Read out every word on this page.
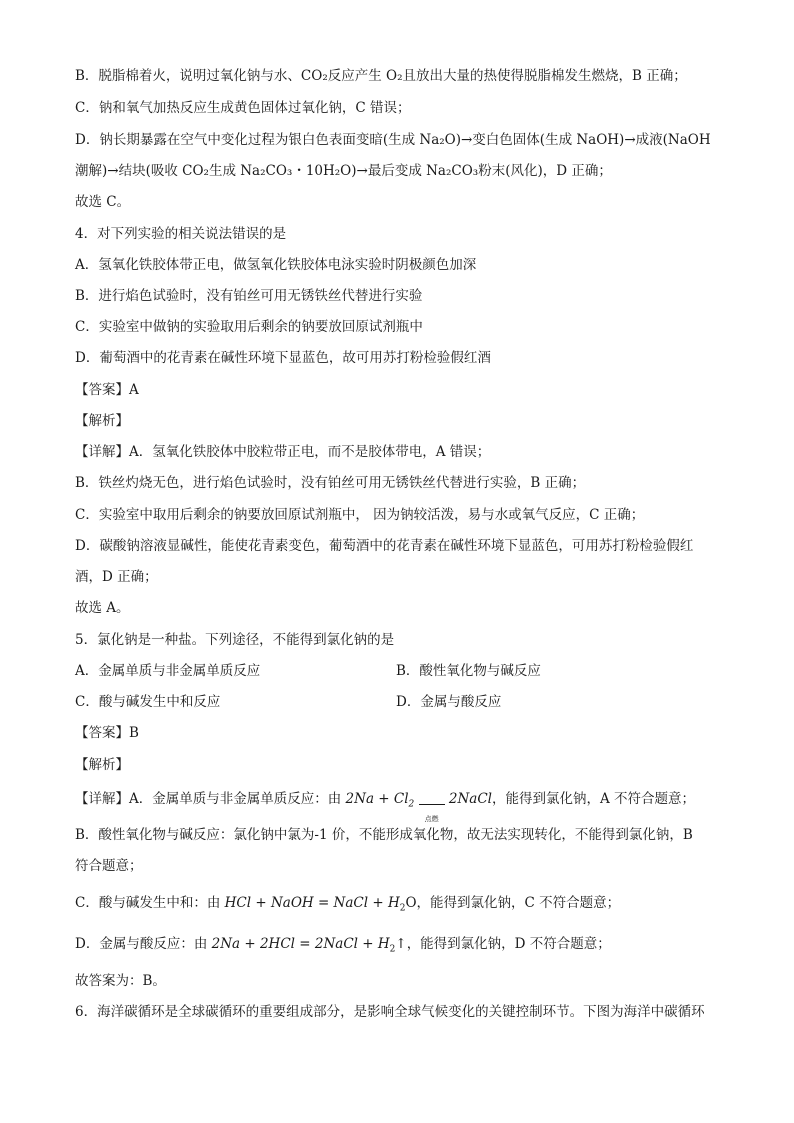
B．脱脂棉着火，说明过氧化钠与水、CO₂反应产生 O₂且放出大量的热使得脱脂棉发生燃烧，B 正确；
C．钠和氧气加热反应生成黄色固体过氧化钠，C 错误；
D．钠长期暴露在空气中变化过程为银白色表面变暗(生成 Na₂O)→变白色固体(生成 NaOH)→成液(NaOH
潮解)→结块(吸收 CO₂生成 Na₂CO₃・10H₂O)→最后变成 Na₂CO₃粉末(风化)，D 正确；
故选 C。
4．对下列实验的相关说法错误的是
A．氢氧化铁胶体带正电，做氢氧化铁胶体电泳实验时阴极颜色加深
B．进行焰色试验时，没有铂丝可用无锈铁丝代替进行实验
C．实验室中做钠的实验取用后剩余的钠要放回原试剂瓶中
D．葡萄酒中的花青素在碱性环境下显蓝色，故可用苏打粉检验假红酒
【答案】A
【解析】
【详解】A．氢氧化铁胶体中胶粒带正电，而不是胶体带电，A 错误；
B．铁丝灼烧无色，进行焰色试验时，没有铂丝可用无锈铁丝代替进行实验，B 正确；
C．实验室中取用后剩余的钠要放回原试剂瓶中， 因为钠较活泼，易与水或氧气反应，C 正确；
D．碳酸钠溶液显碱性，能使花青素变色，葡萄酒中的花青素在碱性环境下显蓝色，可用苏打粉检验假红
酒，D 正确；
故选 A。
5．氯化钠是一种盐。下列途径，不能得到氯化钠的是
A．金属单质与非金属单质反应	B．酸性氧化物与碱反应
C．酸与碱发生中和反应	D．金属与酸反应
【答案】B
【解析】
【详解】A．金属单质与非金属单质反应：由 $2Na + Cl_2$
点燃
2NaCl，能得到氯化钠，A 不符合题意；
B．酸性氧化物与碱反应：氯化钠中氯为-1 价，不能形成氧化物，故无法实现转化，不能得到氯化钠，B
符合题意；
C．酸与碱发生中和：由 HCl + NaOH = NaCl + $H_2O$，能得到氯化钠，C 不符合题意；
D．金属与酸反应：由 2Na + 2HCl = 2NaCl + $H_2↑$，能得到氯化钠，D 不符合题意；
故答案为：B。
6．海洋碳循环是全球碳循环的重要组成部分，是影响全球气候变化的关键控制环节。下图为海洋中碳循环
